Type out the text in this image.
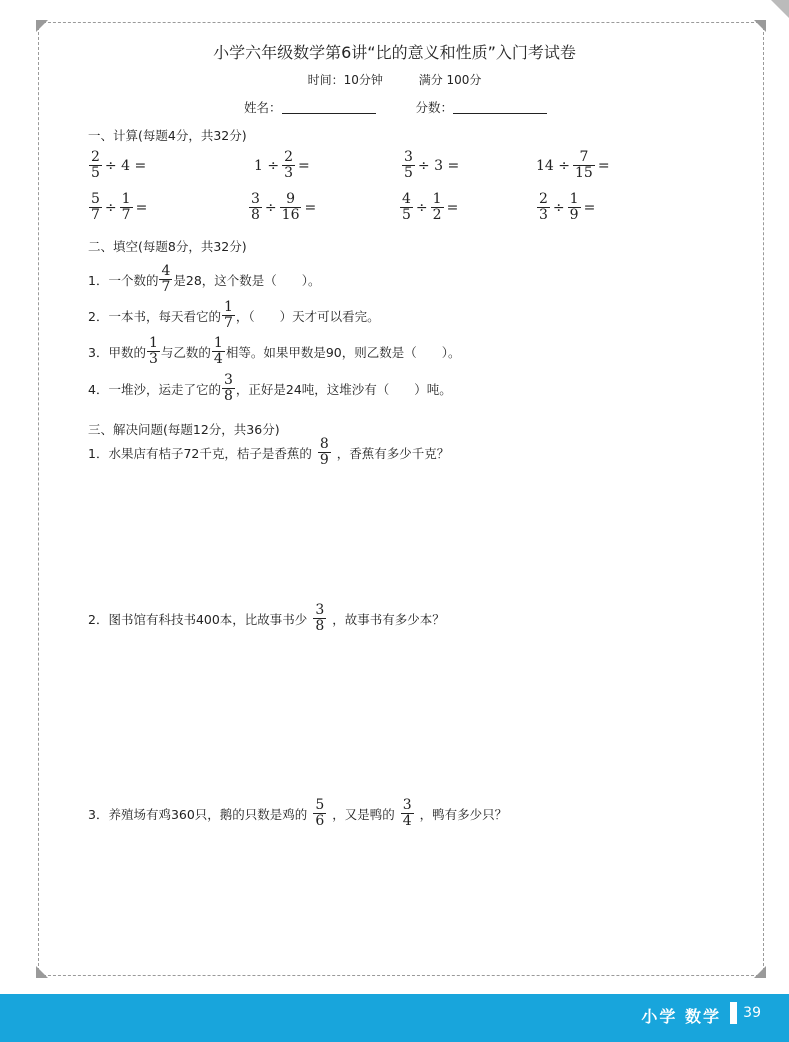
小学六年级数学第6讲“比的意义和性质”入门考试卷
时间：10分钟	满分 100分
姓名：	分数：
一、计算(每题4分，共32分)
$\frac{2}{5} \div 4$ =	$1 \div \frac{2}{3}$ =	$\frac{3}{5} \div 3$ =	$14 \div \frac{7}{15}$ =
$\frac{5}{7} \div \frac{1}{7}$ =	$\frac{3}{8} \div \frac{9}{16}$ =	$\frac{4}{5} \div \frac{1}{2}$ =	$\frac{2}{3} \div \frac{1}{9}$ =
二、填空(每题8分，共32分)
1．一个数的 $\frac{4}{7}$ 是28，这个数是（　　）。
2．一本书，每天看它的 $\frac{1}{7}$ ，（　　）天才可以看完。
3．甲数的 $\frac{1}{3}$ 与乙数的 $\frac{1}{4}$ 相等。如果甲数是90，则乙数是（　　）。
4．一堆沙，运走了它的 $\frac{3}{8}$ ，正好是24吨，这堆沙有（　　）吨。
三、解决问题(每题12分，共36分)
1．水果店有桔子72千克，桔子是香蕉的 $\frac{8}{9}$ ，香蕉有多少千克？
2．图书馆有科技书400本，比故事书少 $\frac{3}{8}$ ，故事书有多少本？
3．养殖场有鸡360只，鹅的只数是鸡的 $\frac{5}{6}$ ，又是鸭的 $\frac{3}{4}$ ，鸭有多少只？
小学 数学 39
